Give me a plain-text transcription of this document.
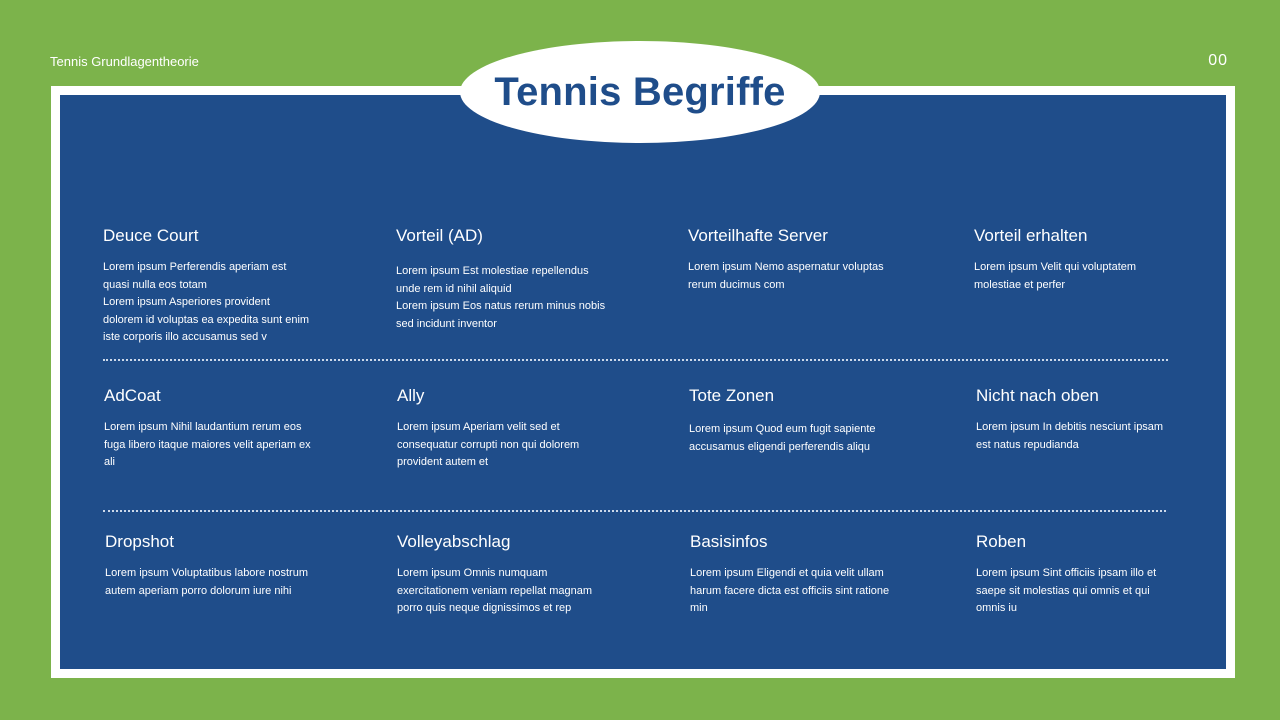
Tennis Grundlagentheorie	00
Tennis Begriffe
Deuce Court

Lorem ipsum Perferendis aperiam est
quasi nulla eos totam
Lorem ipsum Asperiores provident
dolorem id voluptas ea expedita sunt enim
iste corporis illo accusamus sed v

Vorteil (AD)

Lorem ipsum Est molestiae repellendus
unde rem id nihil aliquid
Lorem ipsum Eos natus rerum minus nobis
sed incidunt inventor

Vorteilhafte Server

Lorem ipsum Nemo aspernatur voluptas
rerum ducimus com

Vorteil erhalten

Lorem ipsum Velit qui voluptatem
molestiae et perfer

AdCoat

Lorem ipsum Nihil laudantium rerum eos
fuga libero itaque maiores velit aperiam ex
ali

Ally

Lorem ipsum Aperiam velit sed et
consequatur corrupti non qui dolorem
provident autem et

Tote Zonen

Lorem ipsum Quod eum fugit sapiente
accusamus eligendi perferendis aliqu

Nicht nach oben

Lorem ipsum In debitis nesciunt ipsam
est natus repudianda

Dropshot

Lorem ipsum Voluptatibus labore nostrum
autem aperiam porro dolorum iure nihi

Volleyabschlag

Lorem ipsum Omnis numquam
exercitationem veniam repellat magnam
porro quis neque dignissimos et rep

Basisinfos

Lorem ipsum Eligendi et quia velit ullam
harum facere dicta est officiis sint ratione
min

Roben

Lorem ipsum Sint officiis ipsam illo et
saepe sit molestias qui omnis et qui
omnis iu
